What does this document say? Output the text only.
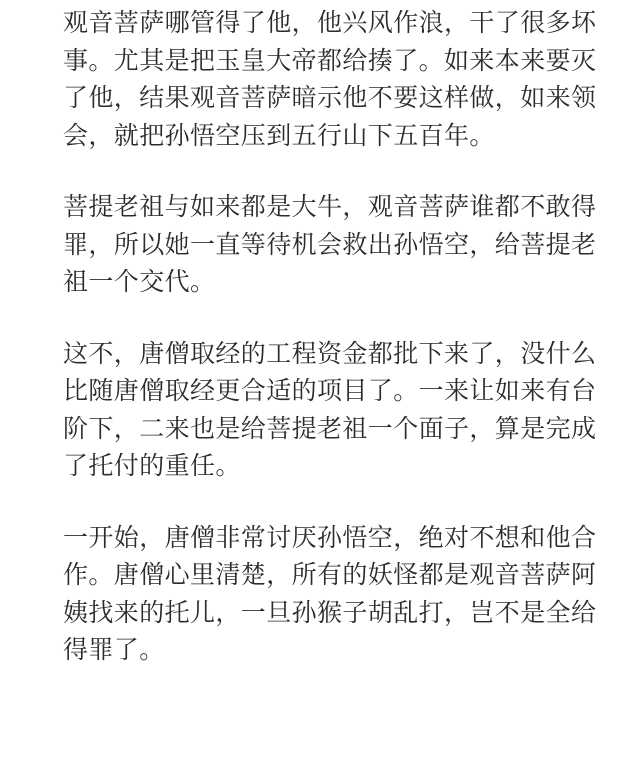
观音菩萨哪管得了他，他兴风作浪，干了很多坏
事。尤其是把玉皇大帝都给揍了。如来本来要灭
了他，结果观音菩萨暗示他不要这样做，如来领
会，就把孙悟空压到五行山下五百年。

菩提老祖与如来都是大牛，观音菩萨谁都不敢得
罪，所以她一直等待机会救出孙悟空，给菩提老
祖一个交代。

这不，唐僧取经的工程资金都批下来了，没什么
比随唐僧取经更合适的项目了。一来让如来有台
阶下，二来也是给菩提老祖一个面子，算是完成
了托付的重任。

一开始，唐僧非常讨厌孙悟空，绝对不想和他合
作。唐僧心里清楚，所有的妖怪都是观音菩萨阿
姨找来的托儿，一旦孙猴子胡乱打，岂不是全给
得罪了。
